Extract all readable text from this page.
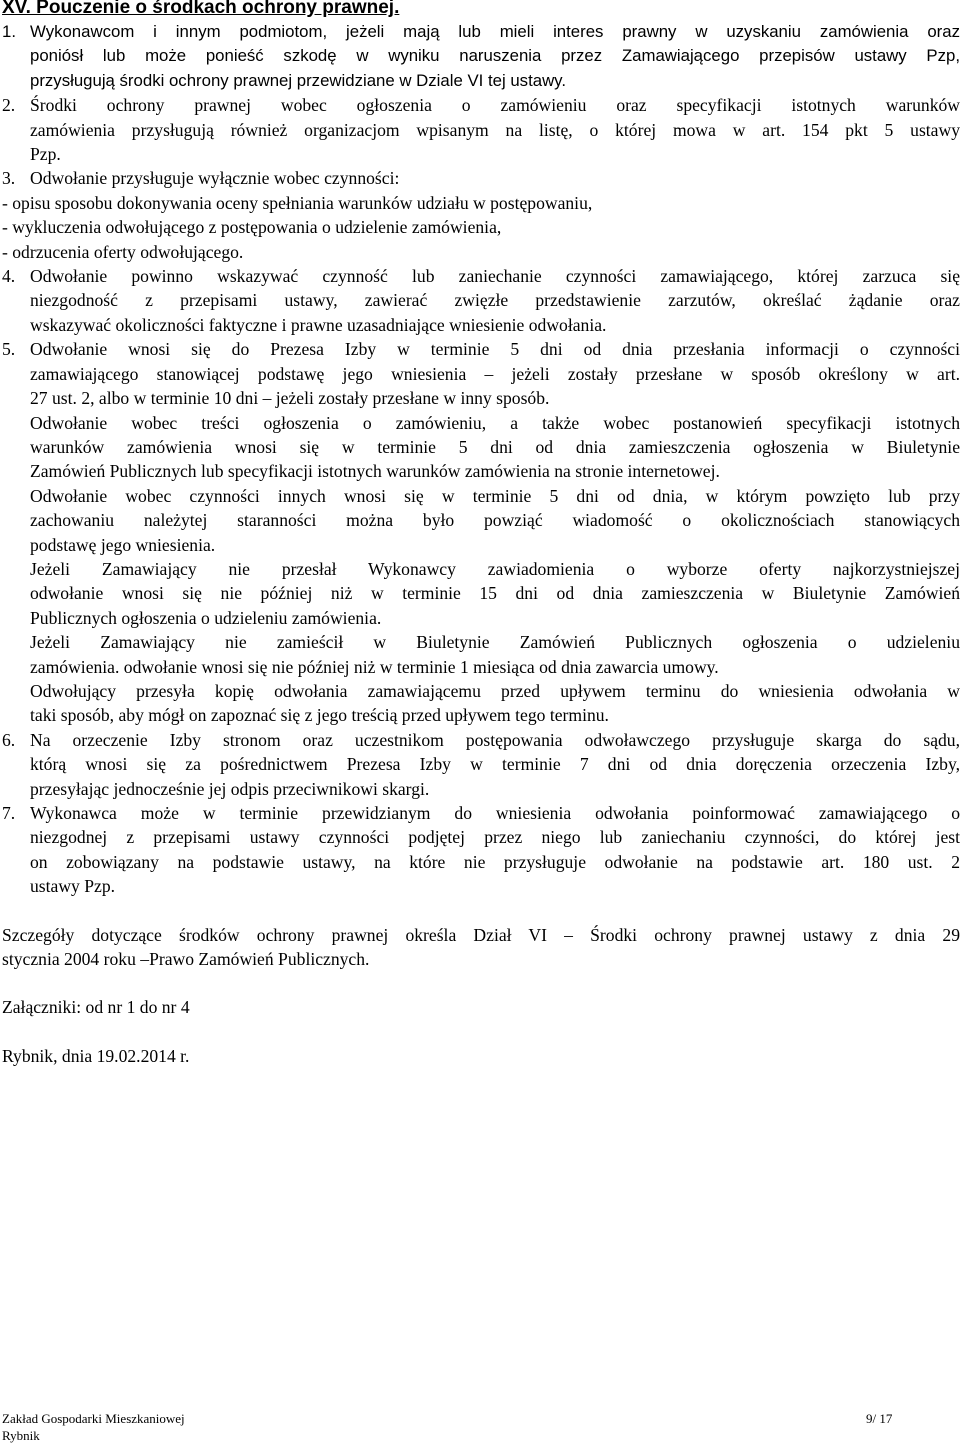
XV. Pouczenie o środkach ochrony prawnej.
1. Wykonawcom i innym podmiotom, jeżeli mają lub mieli interes prawny w uzyskaniu zamówienia oraz
poniósł lub może ponieść szkodę w wyniku naruszenia przez Zamawiającego przepisów ustawy Pzp,
przysługują środki ochrony prawnej przewidziane w Dziale VI tej ustawy.
2. Środki ochrony prawnej wobec ogłoszenia o zamówieniu oraz specyfikacji istotnych warunków
zamówienia przysługują również organizacjom wpisanym na listę, o której mowa w art. 154 pkt 5 ustawy
Pzp.
3. Odwołanie przysługuje wyłącznie wobec czynności:
- opisu sposobu dokonywania oceny spełniania warunków udziału w postępowaniu,
- wykluczenia odwołującego z postępowania o udzielenie zamówienia,
- odrzucenia oferty odwołującego.
4. Odwołanie powinno wskazywać czynność lub zaniechanie czynności zamawiającego, której zarzuca się
niezgodność z przepisami ustawy, zawierać zwięzłe przedstawienie zarzutów, określać żądanie oraz
wskazywać okoliczności faktyczne i prawne uzasadniające wniesienie odwołania.
5. Odwołanie wnosi się do Prezesa Izby w terminie 5 dni od dnia przesłania informacji o czynności
zamawiającego stanowiącej podstawę jego wniesienia – jeżeli zostały przesłane w sposób określony w art.
27 ust. 2, albo w terminie 10 dni – jeżeli zostały przesłane w inny sposób.
Odwołanie wobec treści ogłoszenia o zamówieniu, a także wobec postanowień specyfikacji istotnych
warunków zamówienia wnosi się w terminie 5 dni od dnia zamieszczenia ogłoszenia w Biuletynie
Zamówień Publicznych lub specyfikacji istotnych warunków zamówienia na stronie internetowej.
Odwołanie wobec czynności innych wnosi się w terminie 5 dni od dnia, w którym powzięto lub przy
zachowaniu należytej staranności można było powziąć wiadomość o okolicznościach stanowiących
podstawę jego wniesienia.
Jeżeli Zamawiający nie przesłał Wykonawcy zawiadomienia o wyborze oferty najkorzystniejszej
odwołanie wnosi się nie później niż w terminie 15 dni od dnia zamieszczenia w Biuletynie Zamówień
Publicznych ogłoszenia o udzieleniu zamówienia.
Jeżeli Zamawiający nie zamieścił w Biuletynie Zamówień Publicznych ogłoszenia o udzieleniu
zamówienia. odwołanie wnosi się nie później niż w terminie 1 miesiąca od dnia zawarcia umowy.
Odwołujący przesyła kopię odwołania zamawiającemu przed upływem terminu do wniesienia odwołania w
taki sposób, aby mógł on zapoznać się z jego treścią przed upływem tego terminu.
6. Na orzeczenie Izby stronom oraz uczestnikom postępowania odwoławczego przysługuje skarga do sądu,
którą wnosi się za pośrednictwem Prezesa Izby w terminie 7 dni od dnia doręczenia orzeczenia Izby,
przesyłając jednocześnie jej odpis przeciwnikowi skargi.
7. Wykonawca może w terminie przewidzianym do wniesienia odwołania poinformować zamawiającego o
niezgodnej z przepisami ustawy czynności podjętej przez niego lub zaniechaniu czynności, do której jest
on zobowiązany na podstawie ustawy, na które nie przysługuje odwołanie na podstawie art. 180 ust. 2
ustawy Pzp.
Szczegóły dotyczące środków ochrony prawnej określa Dział VI – Środki ochrony prawnej ustawy z dnia 29
stycznia 2004 roku –Prawo Zamówień Publicznych.
Załączniki: od nr 1 do nr 4
Rybnik, dnia 19.02.2014 r.
Zakład Gospodarki Mieszkaniowej
Rybnik
9/ 17
